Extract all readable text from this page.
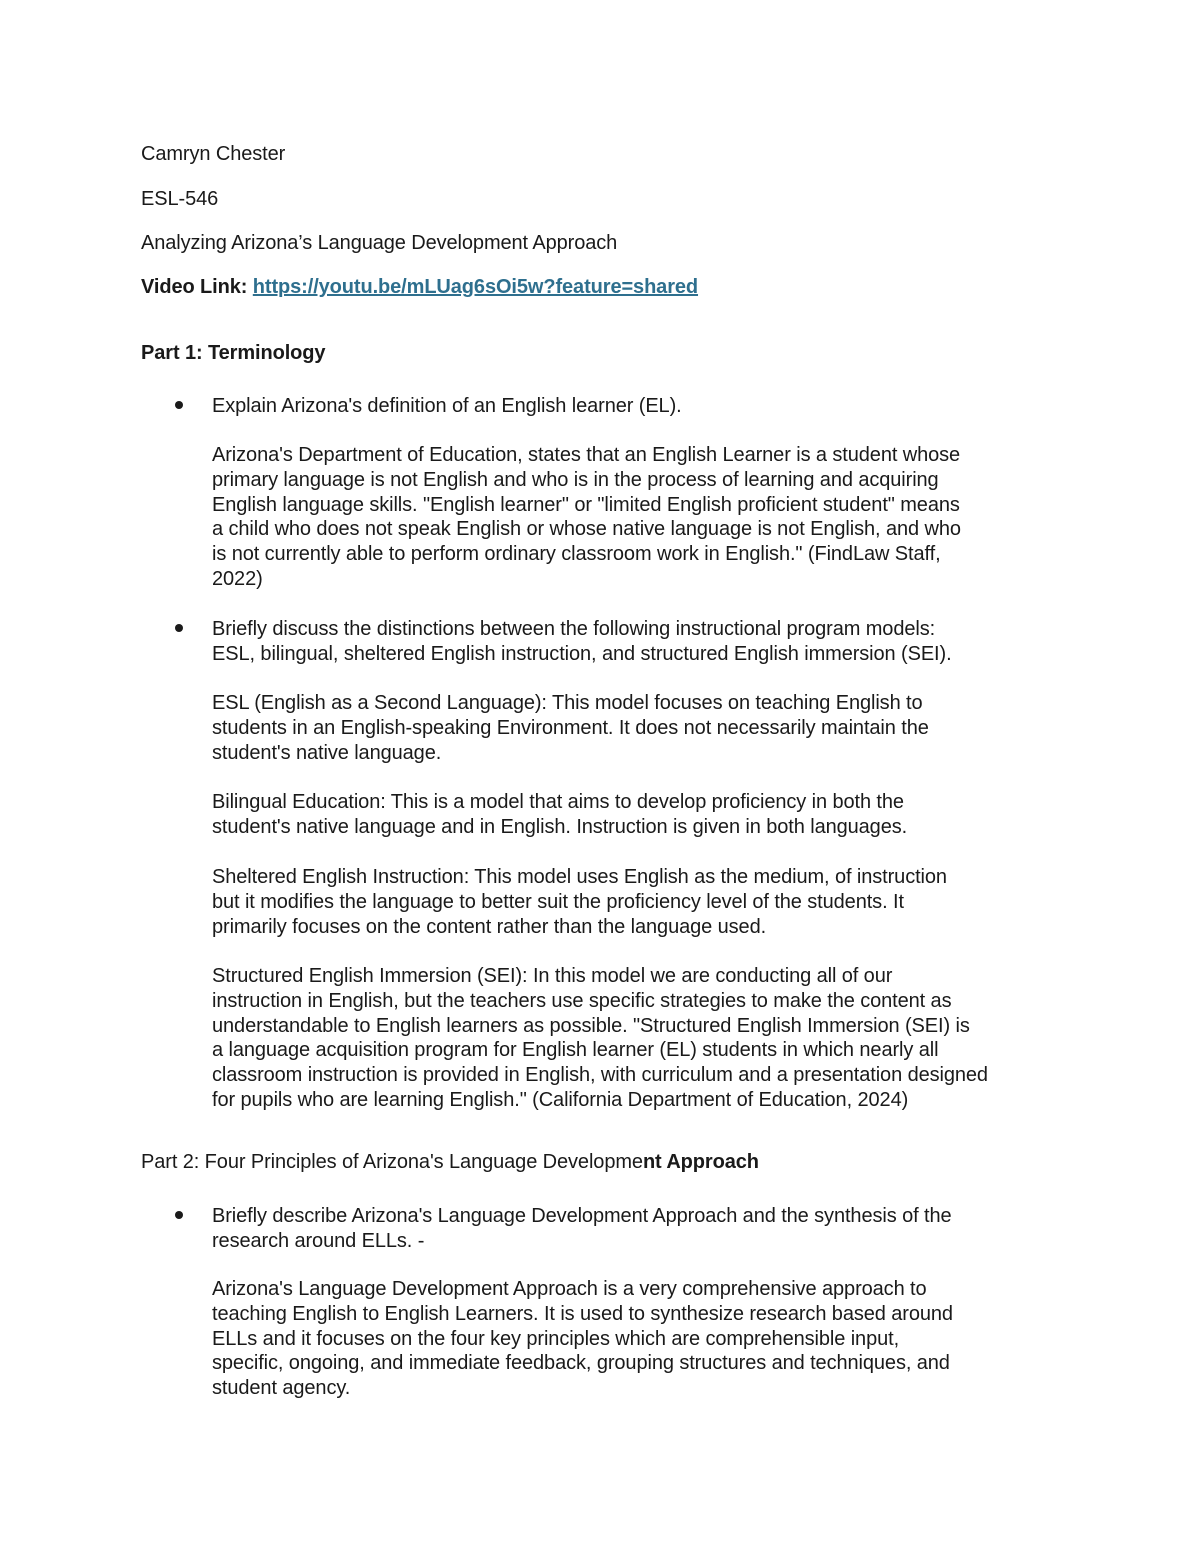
Camryn Chester
ESL-546
Analyzing Arizona’s Language Development Approach
Video Link: https://youtu.be/mLUag6sOi5w?feature=shared
Part 1: Terminology
Explain Arizona's definition of an English learner (EL).
Arizona's Department of Education, states that an English Learner is a student whose
primary language is not English and who is in the process of learning and acquiring
English language skills. "English learner" or "limited English proficient student" means
a child who does not speak English or whose native language is not English, and who
is not currently able to perform ordinary classroom work in English." (FindLaw Staff,
2022)
Briefly discuss the distinctions between the following instructional program models:
ESL, bilingual, sheltered English instruction, and structured English immersion (SEI).
ESL (English as a Second Language): This model focuses on teaching English to
students in an English-speaking Environment. It does not necessarily maintain the
student's native language.
Bilingual Education: This is a model that aims to develop proficiency in both the
student's native language and in English. Instruction is given in both languages.
Sheltered English Instruction: This model uses English as the medium, of instruction
but it modifies the language to better suit the proficiency level of the students. It
primarily focuses on the content rather than the language used.
Structured English Immersion (SEI): In this model we are conducting all of our
instruction in English, but the teachers use specific strategies to make the content as
understandable to English learners as possible. "Structured English Immersion (SEI) is
a language acquisition program for English learner (EL) students in which nearly all
classroom instruction is provided in English, with curriculum and a presentation designed
for pupils who are learning English." (California Department of Education, 2024)
Part 2: Four Principles of Arizona's Language Development Approach
Briefly describe Arizona's Language Development Approach and the synthesis of the
research around ELLs. -
Arizona's Language Development Approach is a very comprehensive approach to
teaching English to English Learners. It is used to synthesize research based around
ELLs and it focuses on the four key principles which are comprehensible input,
specific, ongoing, and immediate feedback, grouping structures and techniques, and
student agency.
